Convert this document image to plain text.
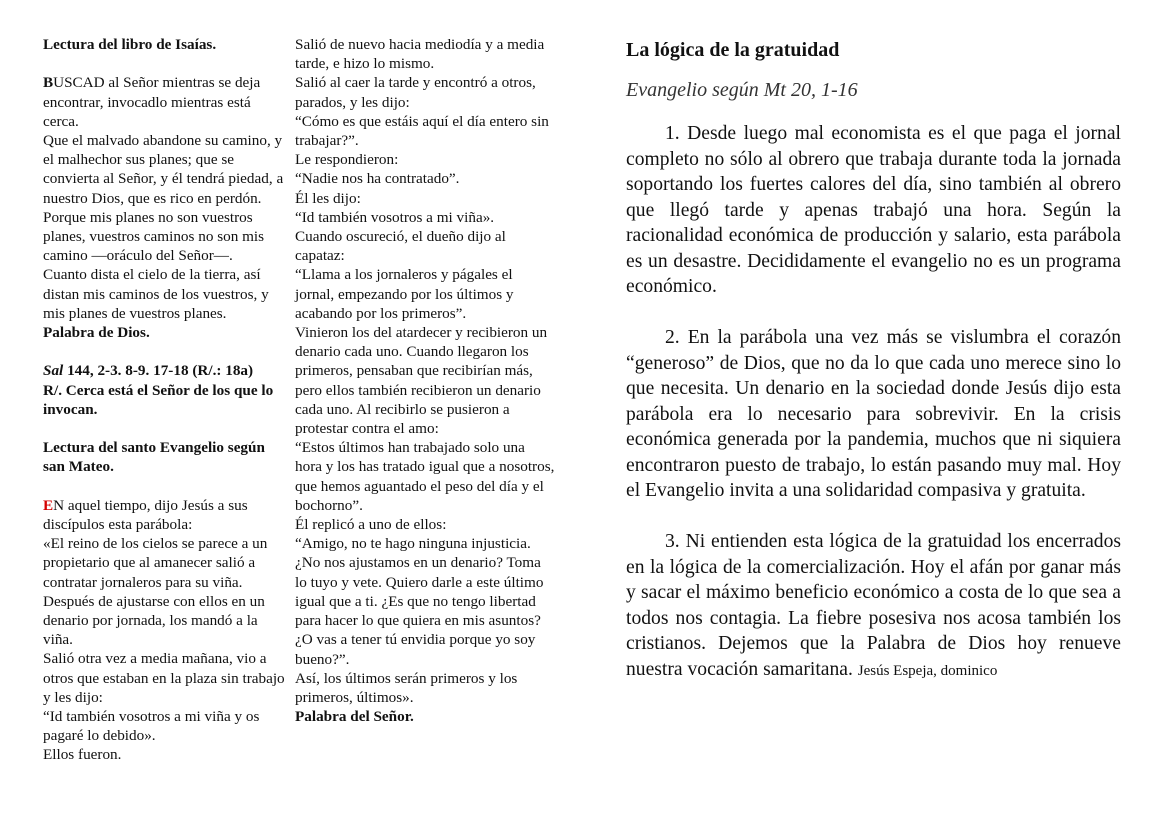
Lectura del libro de Isaías.

BUSCAD al Señor mientras se deja encontrar, invocadlo mientras está cerca.

Que el malvado abandone su camino, y el malhechor sus planes; que se convierta al Señor, y él tendrá piedad, a nuestro Dios, que es rico en perdón.

Porque mis planes no son vuestros planes, vuestros caminos no son mis camino —oráculo del Señor—.

Cuanto dista el cielo de la tierra, así distan mis caminos de los vuestros, y mis planes de vuestros planes.

Palabra de Dios.

Sal 144, 2-3. 8-9. 17-18 (R/.: 18a)

R/. Cerca está el Señor de los que lo invocan.

Lectura del santo Evangelio según san Mateo.

EN aquel tiempo, dijo Jesús a sus discípulos esta parábola:

«El reino de los cielos se parece a un propietario que al amanecer salió a contratar jornaleros para su viña.

Después de ajustarse con ellos en un denario por jornada, los mandó a la viña.

Salió otra vez a media mañana, vio a otros que estaban en la plaza sin trabajo y les dijo:

“Id también vosotros a mi viña y os pagaré lo debido».

Ellos fueron.

Salió de nuevo hacia mediodía y a media tarde, e hizo lo mismo.

Salió al caer la tarde y encontró a otros, parados, y les dijo:

“Cómo es que estáis aquí el día entero sin trabajar?”.

Le respondieron:

“Nadie nos ha contratado”.

Él les dijo:

“Id también vosotros a mi viña».

Cuando oscureció, el dueño dijo al capataz:

“Llama a los jornaleros y págales el jornal, empezando por los últimos y acabando por los primeros”.

Vinieron los del atardecer y recibieron un denario cada uno. Cuando llegaron los primeros, pensaban que recibirían más, pero ellos también recibieron un denario cada uno. Al recibirlo se pusieron a protestar contra el amo:

“Estos últimos han trabajado solo una hora y los has tratado igual que a nosotros, que hemos aguantado el peso del día y el bochorno”.

Él replicó a uno de ellos:

“Amigo, no te hago ninguna injusticia. ¿No nos ajustamos en un denario? Toma lo tuyo y vete. Quiero darle a este último igual que a ti. ¿Es que no tengo libertad para hacer lo que quiera en mis asuntos? ¿O vas a tener tú envidia porque yo soy bueno?”.

Así, los últimos serán primeros y los primeros, últimos».

Palabra del Señor.

La lógica de la gratuidad

Evangelio según Mt 20, 1-16

1. Desde luego mal economista es el que paga el jornal completo no sólo al obrero que trabaja durante toda la jornada soportando los fuertes calores del día, sino también al obrero que llegó tarde y apenas trabajó una hora. Según la racionalidad económica de producción y salario, esta parábola es un desastre. Decididamente el evangelio no es un programa económico.

2. En la parábola una vez más se vislumbra el corazón “generoso” de Dios, que no da lo que cada uno merece sino lo que necesita. Un denario en la sociedad donde Jesús dijo esta parábola era lo necesario para sobrevivir. En la crisis económica generada por la pandemia, muchos que ni siquiera encontraron puesto de trabajo, lo están pasando muy mal. Hoy el Evangelio invita a una solidaridad compasiva y gratuita.

3. Ni entienden esta lógica de la gratuidad los encerrados en la lógica de la comercialización. Hoy el afán por ganar más y sacar el máximo beneficio económico a costa de lo que sea a todos nos contagia. La fiebre posesiva nos acosa también los cristianos. Dejemos que la Palabra de Dios hoy renueve nuestra vocación samaritana. Jesús Espeja, dominico
